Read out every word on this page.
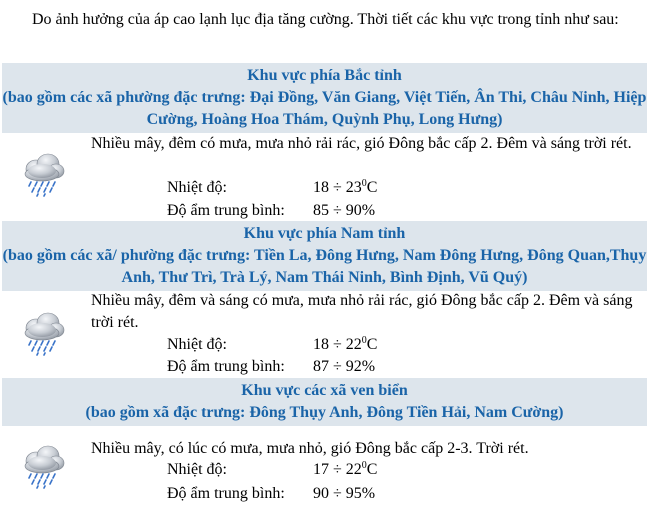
Do ảnh hưởng của áp cao lạnh lục địa tăng cường. Thời tiết các khu vực trong tỉnh như sau:
Khu vực phía Bắc tỉnh
(bao gồm các xã phường đặc trưng: Đại Đồng, Văn Giang, Việt Tiến, Ân Thi, Châu Ninh, Hiệp Cường, Hoàng Hoa Thám, Quỳnh Phụ, Long Hưng)
Nhiều mây, đêm có mưa, mưa nhỏ rải rác, gió Đông bắc cấp 2. Đêm và sáng trời rét.
Nhiệt độ:	$18 \div 23^0C$
Độ ẩm trung bình: 85 ÷ 90%
Khu vực phía Nam tỉnh
(bao gồm các xã/ phường đặc trưng: Tiền La, Đông Hưng, Nam Đông Hưng, Đông Quan,Thụy Anh, Thư Trì, Trà Lý, Nam Thái Ninh, Bình Định, Vũ Quý)
Nhiều mây, đêm và sáng có mưa, mưa nhỏ rải rác, gió Đông bắc cấp 2. Đêm và sáng trời rét.
Nhiệt độ:	$18 \div 22^0C$
Độ ẩm trung bình: 87 ÷ 92%
Khu vực các xã ven biển
(bao gồm xã đặc trưng: Đông Thụy Anh, Đông Tiền Hải, Nam Cường)
Nhiều mây, có lúc có mưa, mưa nhỏ, gió Đông bắc cấp 2-3. Trời rét.
Nhiệt độ:	$17 \div 22^0C$
Độ ẩm trung bình: 90 ÷ 95%
